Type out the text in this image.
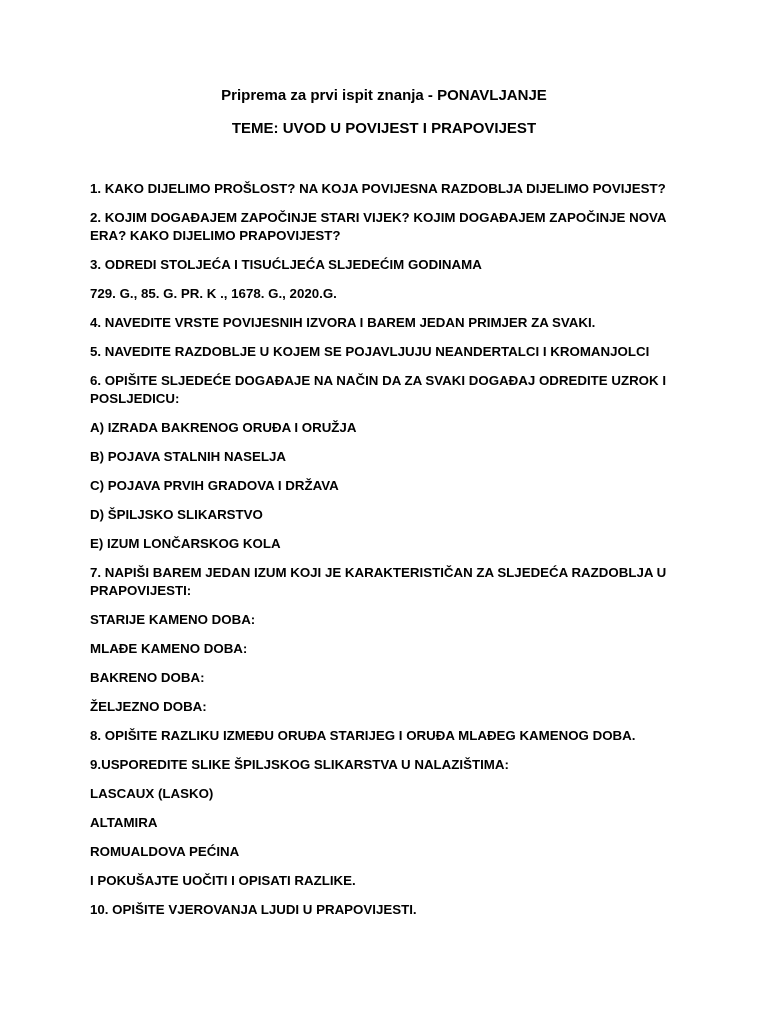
Priprema za prvi ispit znanja - PONAVLJANJE
TEME: UVOD U POVIJEST I PRAPOVIJEST

1. KAKO DIJELIMO PROŠLOST? NA KOJA POVIJESNA RAZDOBLJA DIJELIMO POVIJEST?

2. KOJIM DOGAĐAJEM ZAPOČINJE STARI VIJEK? KOJIM DOGAĐAJEM ZAPOČINJE NOVA ERA? KAKO DIJELIMO PRAPOVIJEST?

3. ODREDI STOLJEĆA I TISUĆLJEĆA SLJEDEĆIM GODINAMA

729. G., 85. G. PR. K ., 1678. G., 2020.G.

4. NAVEDITE VRSTE POVIJESNIH IZVORA I BAREM JEDAN PRIMJER ZA SVAKI.

5. NAVEDITE RAZDOBLJE U KOJEM SE POJAVLJUJU NEANDERTALCI I KROMANJOLCI

6. OPIŠITE SLJEDEĆE DOGAĐAJE NA NAČIN DA ZA SVAKI DOGAĐAJ ODREDITE UZROK I POSLJEDICU:

A) IZRADA BAKRENOG ORUĐA I ORUŽJA

B) POJAVA STALNIH NASELJA

C) POJAVA PRVIH GRADOVA I DRŽAVA

D) ŠPILJSKO SLIKARSTVO

E) IZUM LONČARSKOG KOLA

7. NAPIŠI BAREM JEDAN IZUM KOJI JE KARAKTERISTIČAN ZA SLJEDEĆA RAZDOBLJA U PRAPOVIJESTI:

STARIJE KAMENO DOBA:

MLAĐE KAMENO DOBA:

BAKRENO DOBA:

ŽELJEZNO DOBA:

8. OPIŠITE RAZLIKU IZMEĐU ORUĐA STARIJEG I ORUĐA MLAĐEG KAMENOG DOBA.

9.USPOREDITE SLIKE ŠPILJSKOG SLIKARSTVA U NALAZIŠTIMA:

LASCAUX (LASKO)

ALTAMIRA

ROMUALDOVA PEĆINA

I POKUŠAJTE UOČITI I OPISATI RAZLIKE.

10. OPIŠITE VJEROVANJA LJUDI U PRAPOVIJESTI.
